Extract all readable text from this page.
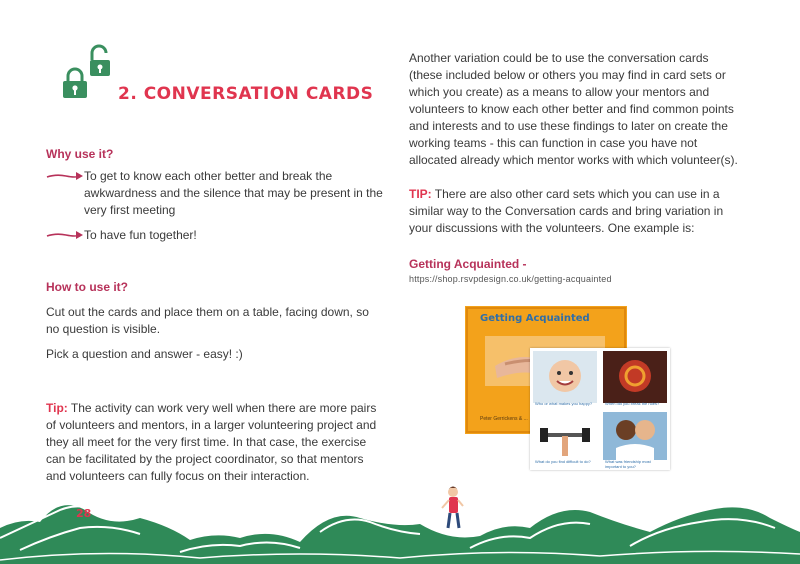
2. CONVERSATION CARDS
Why use it?
To get to know each other better and break the awkwardness and the silence that may be present in the very first meeting
To have fun together!
How to use it?
Cut out the cards and place them on a table, facing down, so no question is visible.
Pick a question and answer - easy! :)
Tip: The activity can work very well when there are more pairs of volunteers and mentors, in a larger volunteering project and they all meet for the very first time. In that case, the exercise can be facilitated by the project coordinator, so that mentors and volunteers can fully focus on their interaction.
Another variation could be to use the conversation cards (these included below or others you may find in card sets or which you create) as a means to allow your mentors and volunteers to know each other better and find common points and interests and to use these findings to later on create the working teams - this can function in case you have not allocated already which mentor works with which volunteer(s).
TIP: There are also other card sets which you can use in a similar way to the Conversation cards and bring variation in your discussions with the volunteers. One example is:
Getting Acquainted -
https://shop.rsvpdesign.co.uk/getting-acquainted
Getting Acquainted
Peter Gerrickens & ...
Who or what makes you happy?	When did you break the rules?
What do you find difficult to do?	What was friendship most important to you?
28
